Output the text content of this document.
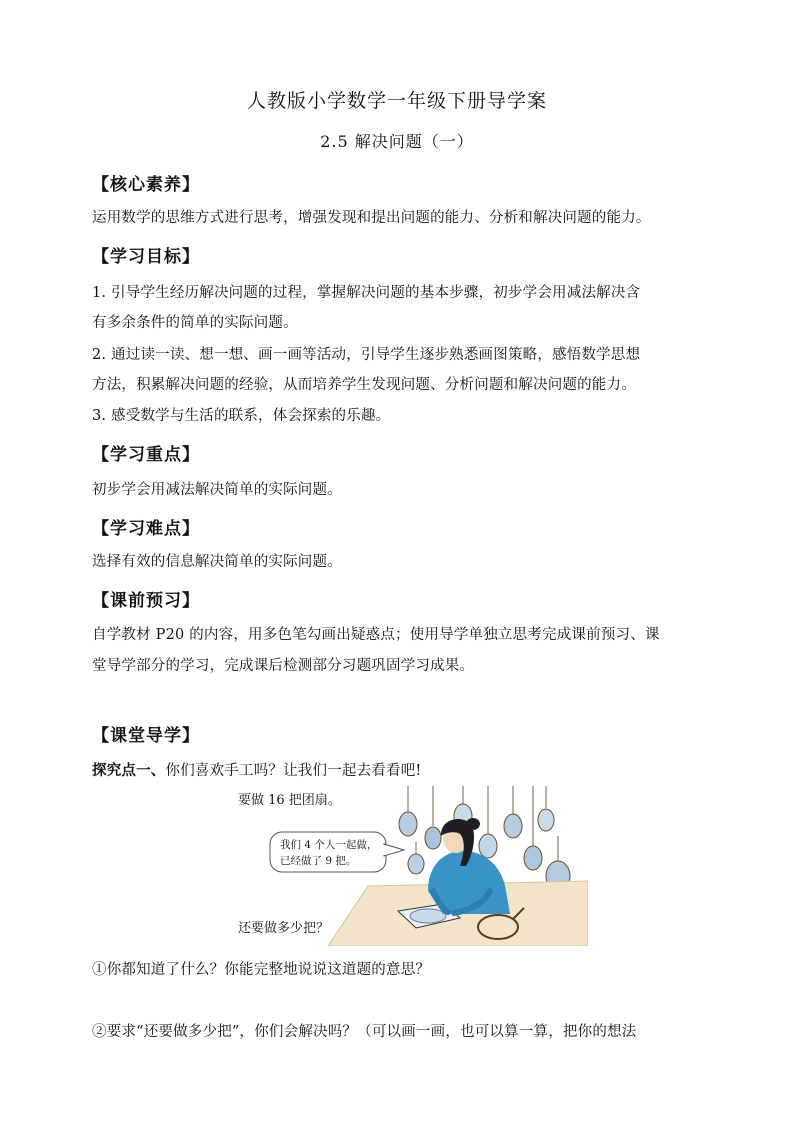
人教版小学数学一年级下册导学案
2.5 解决问题（一）
【核心素养】
运用数学的思维方式进行思考，增强发现和提出问题的能力、分析和解决问题的能力。
【学习目标】
1. 引导学生经历解决问题的过程，掌握解决问题的基本步骤，初步学会用减法解决含
有多余条件的简单的实际问题。
2. 通过读一读、想一想、画一画等活动，引导学生逐步熟悉画图策略，感悟数学思想
方法，积累解决问题的经验，从而培养学生发现问题、分析问题和解决问题的能力。
3. 感受数学与生活的联系，体会探索的乐趣。
【学习重点】
初步学会用减法解决简单的实际问题。
【学习难点】
选择有效的信息解决简单的实际问题。
【课前预习】
自学教材 P20 的内容，用多色笔勾画出疑惑点；使用导学单独立思考完成课前预习、课
堂导学部分的学习，完成课后检测部分习题巩固学习成果。
【课堂导学】
探究点一、你们喜欢手工吗？让我们一起去看看吧!
要做 16 把团扇。
我们 4 个人一起做，
已经做了 9 把。
还要做多少把？
①你都知道了什么？你能完整地说说这道题的意思？
②要求“还要做多少把”，你们会解决吗？（可以画一画，也可以算一算，把你的想法
